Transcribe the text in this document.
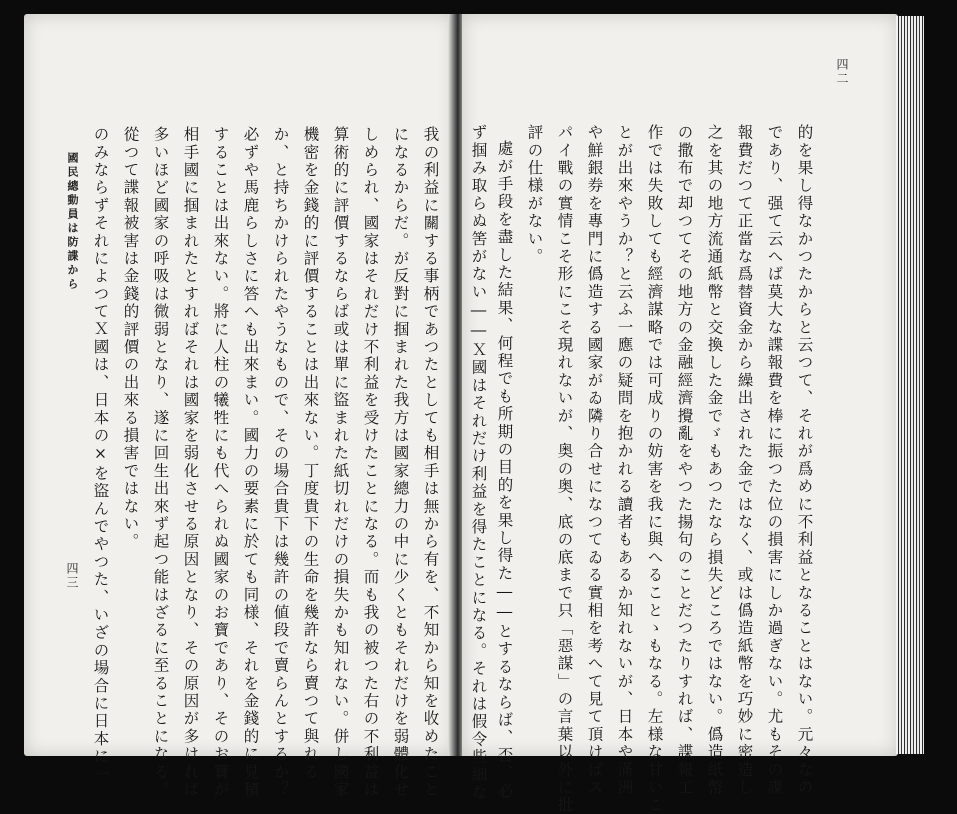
我の利益に關する事柄であつたとしても相手は無から有を、不知から知を收めたこと
になるからだ。が反對に掴まれた我方は國家總力の中に少くともそれだけを弱體化せ
しめられ、國家はそれだけ不利益を受けたことになる。而も我の被つた右の不利益は
算術的に評價するならば或は單に盜まれた紙切れだけの損失かも知れない。併し國家
機密を金錢的に評價することは出來ない。丁度貴下の生命を幾許なら賣つて與れる
か、と持ちかけられたやうなもので、その場合貴下は幾許の値段で賣らんとするか？
必ずや馬鹿らしさに答へも出來まい。國力の要素に於ても同様、それを金錢的に見積
することは出來ない。將に人柱の犧牲にも代へられぬ國家のお寶であり、そのお寶が
相手國に掴まれたとすればそれは國家を弱化させる原因となり、その原因が多ければ
多いほど國家の呼吸は微弱となり、遂に回生出來ず起つ能はざるに至ることになる。
從つて諜報被害は金錢的評價の出來る損害ではない。
のみならずそれによつてＸ國は、日本の×を盜んでやつた、いざの場合に日本に一
國民總動員は防諜から
四三
四二
的を果し得なかつたからと云つて、それが爲めに不利益となることはない。元々なの
であり、强て云へば莫大な諜報費を棒に振つた位の損害にしか過ぎない。尤もその諜
報費だつて正當な爲替資金から繰出された金ではなく、或は僞造紙幣を巧妙に密造し
之を其の地方流通紙幣と交換した金でゞもあつたなら損失どころではない。僞造紙幣
の撒布で却つてその地方の金融經濟攪亂をやつた揚句のことだつたりすれば、諜報工
作では失敗しても經濟謀略では可成りの妨害を我に與へることゝもなる。左様な甘いこ
とが出來やうか？と云ふ一應の疑問を抱かれる讀者もあるか知れないが、日本や滿洲
や鮮銀券を專門に僞造する國家がゐ隣り合せになつてゐる實相を考へて見て頂けばス
パイ戰の實情こそ形にこそ現れないが、奥の奥、底の底まで只「惡謀」の言葉以外に批
評の仕様がない。
處が手段を盡した結果、何程でも所期の目的を果し得た――とするならば、否、必
ず掴み取らぬ筈がない――Ｘ國はそれだけ利益を得たことになる。それは假令些細な
